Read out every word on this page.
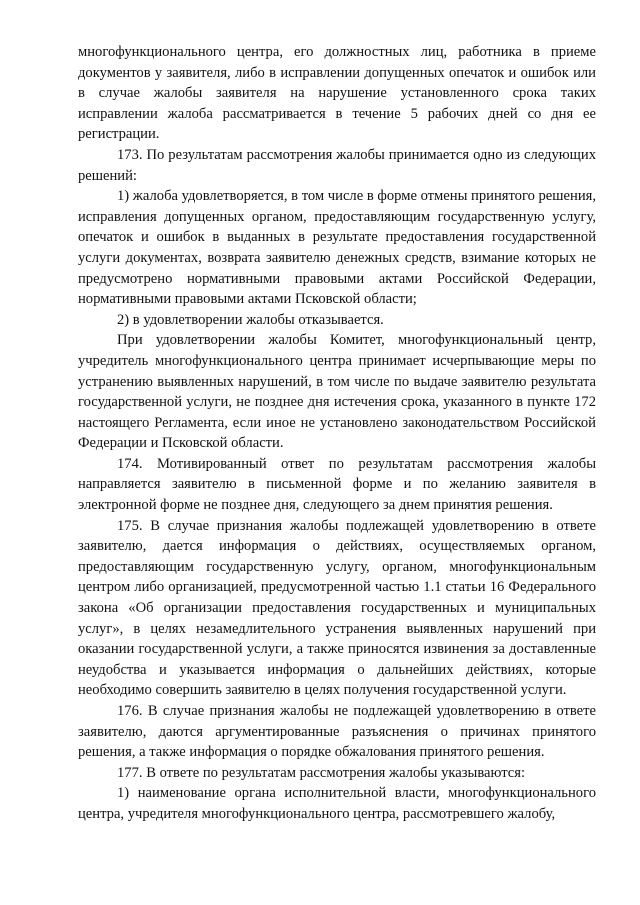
многофункционального центра, его должностных лиц, работника в приеме документов у заявителя, либо в исправлении допущенных опечаток и ошибок или в случае жалобы заявителя на нарушение установленного срока таких исправлении жалоба рассматривается в течение 5 рабочих дней со дня ее регистрации.

173. По результатам рассмотрения жалобы принимается одно из следующих решений:

1) жалоба удовлетворяется, в том числе в форме отмены принятого решения, исправления допущенных органом, предоставляющим государственную услугу, опечаток и ошибок в выданных в результате предоставления государственной услуги документах, возврата заявителю денежных средств, взимание которых не предусмотрено нормативными правовыми актами Российской Федерации, нормативными правовыми актами Псковской области;

2) в удовлетворении жалобы отказывается.

При удовлетворении жалобы Комитет, многофункциональный центр, учредитель многофункционального центра принимает исчерпывающие меры по устранению выявленных нарушений, в том числе по выдаче заявителю результата государственной услуги, не позднее дня истечения срока, указанного в пункте 172 настоящего Регламента, если иное не установлено законодательством Российской Федерации и Псковской области.

174. Мотивированный ответ по результатам рассмотрения жалобы направляется заявителю в письменной форме и по желанию заявителя в электронной форме не позднее дня, следующего за днем принятия решения.

175. В случае признания жалобы подлежащей удовлетворению в ответе заявителю, дается информация о действиях, осуществляемых органом, предоставляющим государственную услугу, органом, многофункциональным центром либо организацией, предусмотренной частью 1.1 статьи 16 Федерального закона «Об организации предоставления государственных и муниципальных услуг», в целях незамедлительного устранения выявленных нарушений при оказании государственной услуги, а также приносятся извинения за доставленные неудобства и указывается информация о дальнейших действиях, которые необходимо совершить заявителю в целях получения государственной услуги.

176. В случае признания жалобы не подлежащей удовлетворению в ответе заявителю, даются аргументированные разъяснения о причинах принятого решения, а также информация о порядке обжалования принятого решения.

177. В ответе по результатам рассмотрения жалобы указываются:

1) наименование органа исполнительной власти, многофункционального центра, учредителя многофункционального центра, рассмотревшего жалобу,
